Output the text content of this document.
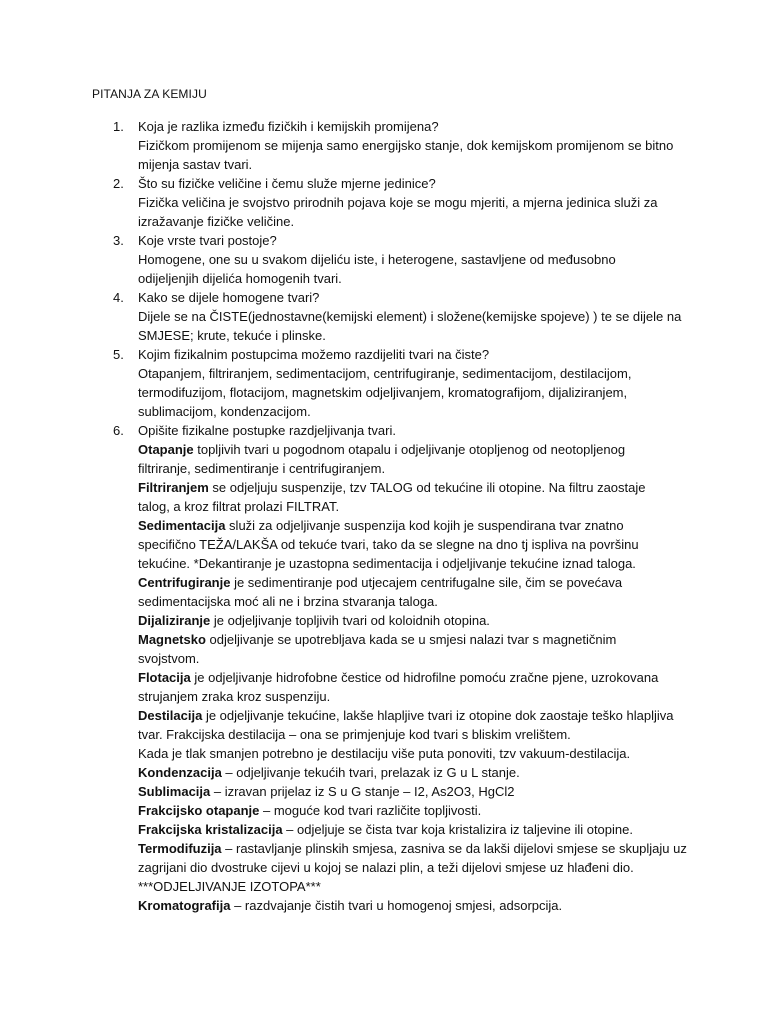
PITANJA ZA KEMIJU
1. Koja je razlika između fizičkih i kemijskih promijena?
Fizičkom promijenom se mijenja samo energijsko stanje, dok kemijskom promijenom se bitno
mijenja sastav tvari.
2. Što su fizičke veličine i čemu služe mjerne jedinice?
Fizička veličina je svojstvo prirodnih pojava koje se mogu mjeriti, a mjerna jedinica služi za
izražavanje fizičke veličine.
3. Koje vrste tvari postoje?
Homogene, one su u svakom dijeliću iste, i heterogene, sastavljene od međusobno
odijeljenjih dijelića homogenih tvari.
4. Kako se dijele homogene tvari?
Dijele se na ČISTE(jednostavne(kemijski element) i složene(kemijske spojeve) ) te se dijele na
SMJESE; krute, tekuće i plinske.
5. Kojim fizikalnim postupcima možemo razdijeliti tvari na čiste?
Otapanjem, filtriranjem, sedimentacijom, centrifugiranje, sedimentacijom, destilacijom,
termodifuzijom, flotacijom, magnetskim odjeljivanjem, kromatografijom, dijaliziranjem,
sublimacijom, kondenzacijom.
6. Opišite fizikalne postupke razdjeljivanja tvari.
Otapanje topljivih tvari u pogodnom otapalu i odjeljivanje otopljenog od neotopljenog
filtriranje, sedimentiranje i centrifugiranjem.
Filtriranjem se odjeljuju suspenzije, tzv TALOG od tekućine ili otopine. Na filtru zaostaje
talog, a kroz filtrat prolazi FILTRAT.
Sedimentacija služi za odjeljivanje suspenzija kod kojih je suspendirana tvar znatno
specifično TEŽA/LAKŠA od tekuće tvari, tako da se slegne na dno tj ispliva na površinu
tekućine. *Dekantiranje je uzastopna sedimentacija i odjeljivanje tekućine iznad taloga.
Centrifugiranje je sedimentiranje pod utjecajem centrifugalne sile, čim se povećava
sedimentacijska moć ali ne i brzina stvaranja taloga.
Dijaliziranje je odjeljivanje topljivih tvari od koloidnih otopina.
Magnetsko odjeljivanje se upotrebljava kada se u smjesi nalazi tvar s magnetičnim
svojstvom.
Flotacija je odjeljivanje hidrofobne čestice od hidrofilne pomoću zračne pjene, uzrokovana
strujanjem zraka kroz suspenziju.
Destilacija je odjeljivanje tekućine, lakše hlapljive tvari iz otopine dok zaostaje teško hlapljiva
tvar. Frakcijska destilacija – ona se primjenjuje kod tvari s bliskim vrelištem.
Kada je tlak smanjen potrebno je destilaciju više puta ponoviti, tzv vakuum-destilacija.
Kondenzacija – odjeljivanje tekućih tvari, prelazak iz G u L stanje.
Sublimacija – izravan prijelaz iz S u G stanje – I2, As2O3, HgCl2
Frakcijsko otapanje – moguće kod tvari različite topljivosti.
Frakcijska kristalizacija – odjeljuje se čista tvar koja kristalizira iz taljevine ili otopine.
Termodifuzija – rastavljanje plinskih smjesa, zasniva se da lakši dijelovi smjese se skupljaju uz
zagrijani dio dvostruke cijevi u kojoj se nalazi plin, a teži dijelovi smjese uz hlađeni dio.
***ODJELJIVANJE IZOTOPA***
Kromatografija – razdvajanje čistih tvari u homogenoj smjesi, adsorpcija.
